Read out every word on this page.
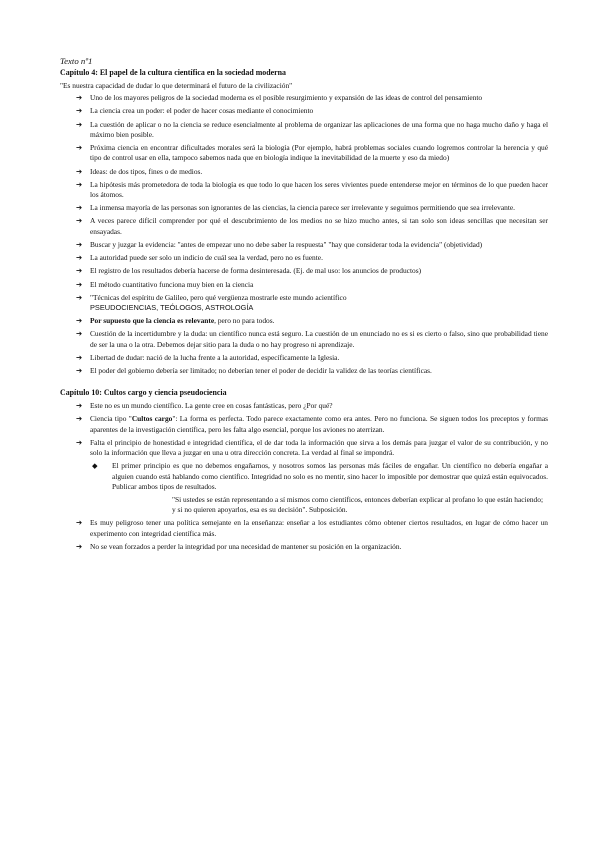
Texto nº1
Capítulo 4: El papel de la cultura científica en la sociedad moderna
"Es nuestra capacidad de dudar lo que determinará el futuro de la civilización"
➔	Uno de los mayores peligros de la sociedad moderna es el posible resurgimiento y expansión de las ideas de control del pensamiento
➔	La ciencia crea un poder: el poder de hacer cosas mediante el conocimiento
➔	La cuestión de aplicar o no la ciencia se reduce esencialmente al problema de organizar las aplicaciones de una forma que no haga mucho daño y haga el máximo bien posible.
➔	Próxima ciencia en encontrar dificultades morales será la biología (Por ejemplo, habrá problemas sociales cuando logremos controlar la herencia y qué tipo de control usar en ella, tampoco sabemos nada que en biología indique la inevitabilidad de la muerte y eso da miedo)
➔	Ideas: de dos tipos, fines o de medios.
➔	La hipótesis más prometedora de toda la biología es que todo lo que hacen los seres vivientes puede entenderse mejor en términos de lo que pueden hacer los átomos.
➔	La inmensa mayoría de las personas son ignorantes de las ciencias, la ciencia parece ser irrelevante y seguimos permitiendo que sea irrelevante.
➔	A veces parece difícil comprender por qué el descubrimiento de los medios no se hizo mucho antes, si tan solo son ideas sencillas que necesitan ser ensayadas.
➔	Buscar y juzgar la evidencia: "antes de empezar uno no debe saber la respuesta" "hay que considerar toda la evidencia" (objetividad)
➔	La autoridad puede ser solo un indicio de cuál sea la verdad, pero no es fuente.
➔	El registro de los resultados debería hacerse de forma desinteresada. (Ej. de mal uso: los anuncios de productos)
➔	El método cuantitativo funciona muy bien en la ciencia
➔	"Técnicas del espíritu de Galileo, pero qué vergüenza mostrarle este mundo acientífico
PSEUDOCIENCIAS, TEÓLOGOS, ASTROLOGÍA
➔	Por supuesto que la ciencia es relevante, pero no para todos.
➔	Cuestión de la incertidumbre y la duda: un científico nunca está seguro. La cuestión de un enunciado no es si es cierto o falso, sino que probabilidad tiene de ser la una o la otra. Debemos dejar sitio para la duda o no hay progreso ni aprendizaje.
➔	Libertad de dudar: nació de la lucha frente a la autoridad, específicamente la Iglesia.
➔	El poder del gobierno debería ser limitado; no deberían tener el poder de decidir la validez de las teorías científicas.
Capítulo 10: Cultos cargo y ciencia pseudociencia
➔	Este no es un mundo científico. La gente cree en cosas fantásticas, pero ¿Por qué?
➔	Ciencia tipo "Cultos cargo": La forma es perfecta. Todo parece exactamente como era antes. Pero no funciona. Se siguen todos los preceptos y formas aparentes de la investigación científica, pero les falta algo esencial, porque los aviones no aterrizan.
➔	Falta el principio de honestidad e integridad científica, el de dar toda la información que sirva a los demás para juzgar el valor de su contribución, y no solo la información que lleva a juzgar en una u otra dirección concreta. La verdad al final se impondrá.
◆	El primer principio es que no debemos engañarnos, y nosotros somos las personas más fáciles de engañar. Un científico no debería engañar a alguien cuando está hablando como científico. Integridad no solo es no mentir, sino hacer lo imposible por demostrar que quizá están equivocados. Publicar ambos tipos de resultados.
"Si ustedes se están representando a sí mismos como científicos, entonces deberían explicar al profano lo que están haciendo; y si no quieren apoyarlos, esa es su decisión". Subposición.
➔	Es muy peligroso tener una política semejante en la enseñanza: enseñar a los estudiantes cómo obtener ciertos resultados, en lugar de cómo hacer un experimento con integridad científica más.
➔	No se vean forzados a perder la integridad por una necesidad de mantener su posición en la organización.
